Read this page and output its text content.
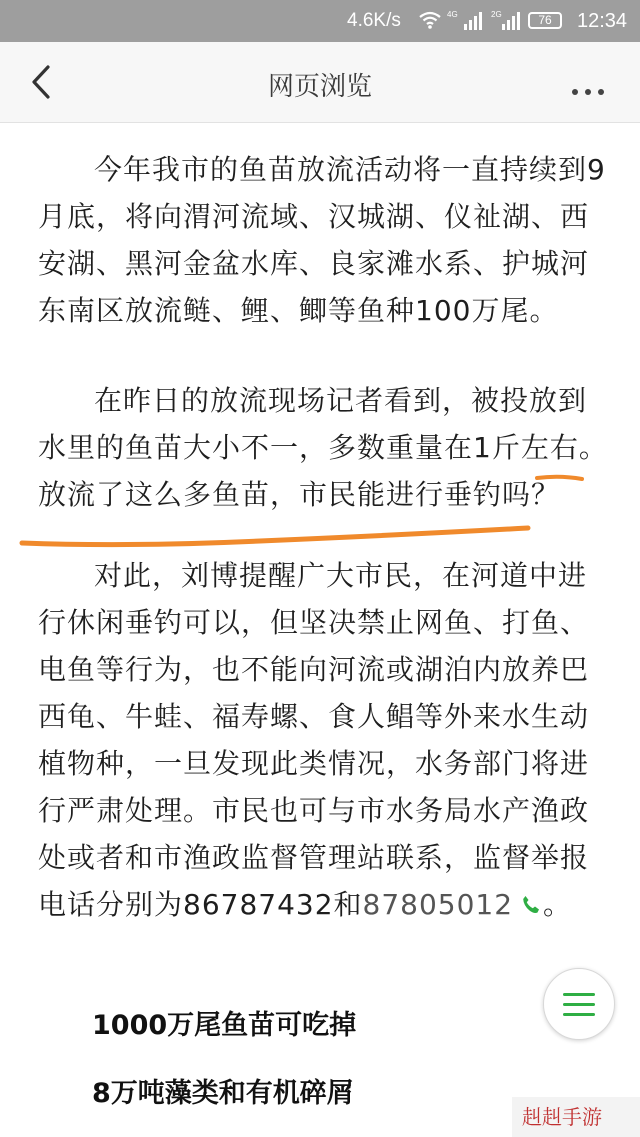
4.6K/s	4G	2G	76	12:34
网页浏览
今年我市的鱼苗放流活动将一直持续到9月底，将向渭河流域、汉城湖、仪祉湖、西安湖、黑河金盆水库、良家滩水系、护城河东南区放流鲢、鲤、鲫等鱼种100万尾。
在昨日的放流现场记者看到，被投放到水里的鱼苗大小不一，多数重量在1斤左右。放流了这么多鱼苗，市民能进行垂钓吗？
对此，刘博提醒广大市民，在河道中进行休闲垂钓可以，但坚决禁止网鱼、打鱼、电鱼等行为，也不能向河流或湖泊内放养巴西龟、牛蛙、福寿螺、食人鲳等外来水生动植物种，一旦发现此类情况，水务部门将进行严肃处理。市民也可与市水务局水产渔政处或者和市渔政监督管理站联系，监督举报电话分别为86787432和87805012 。
1000万尾鱼苗可吃掉
8万吨藻类和有机碎屑
赳赳手游
